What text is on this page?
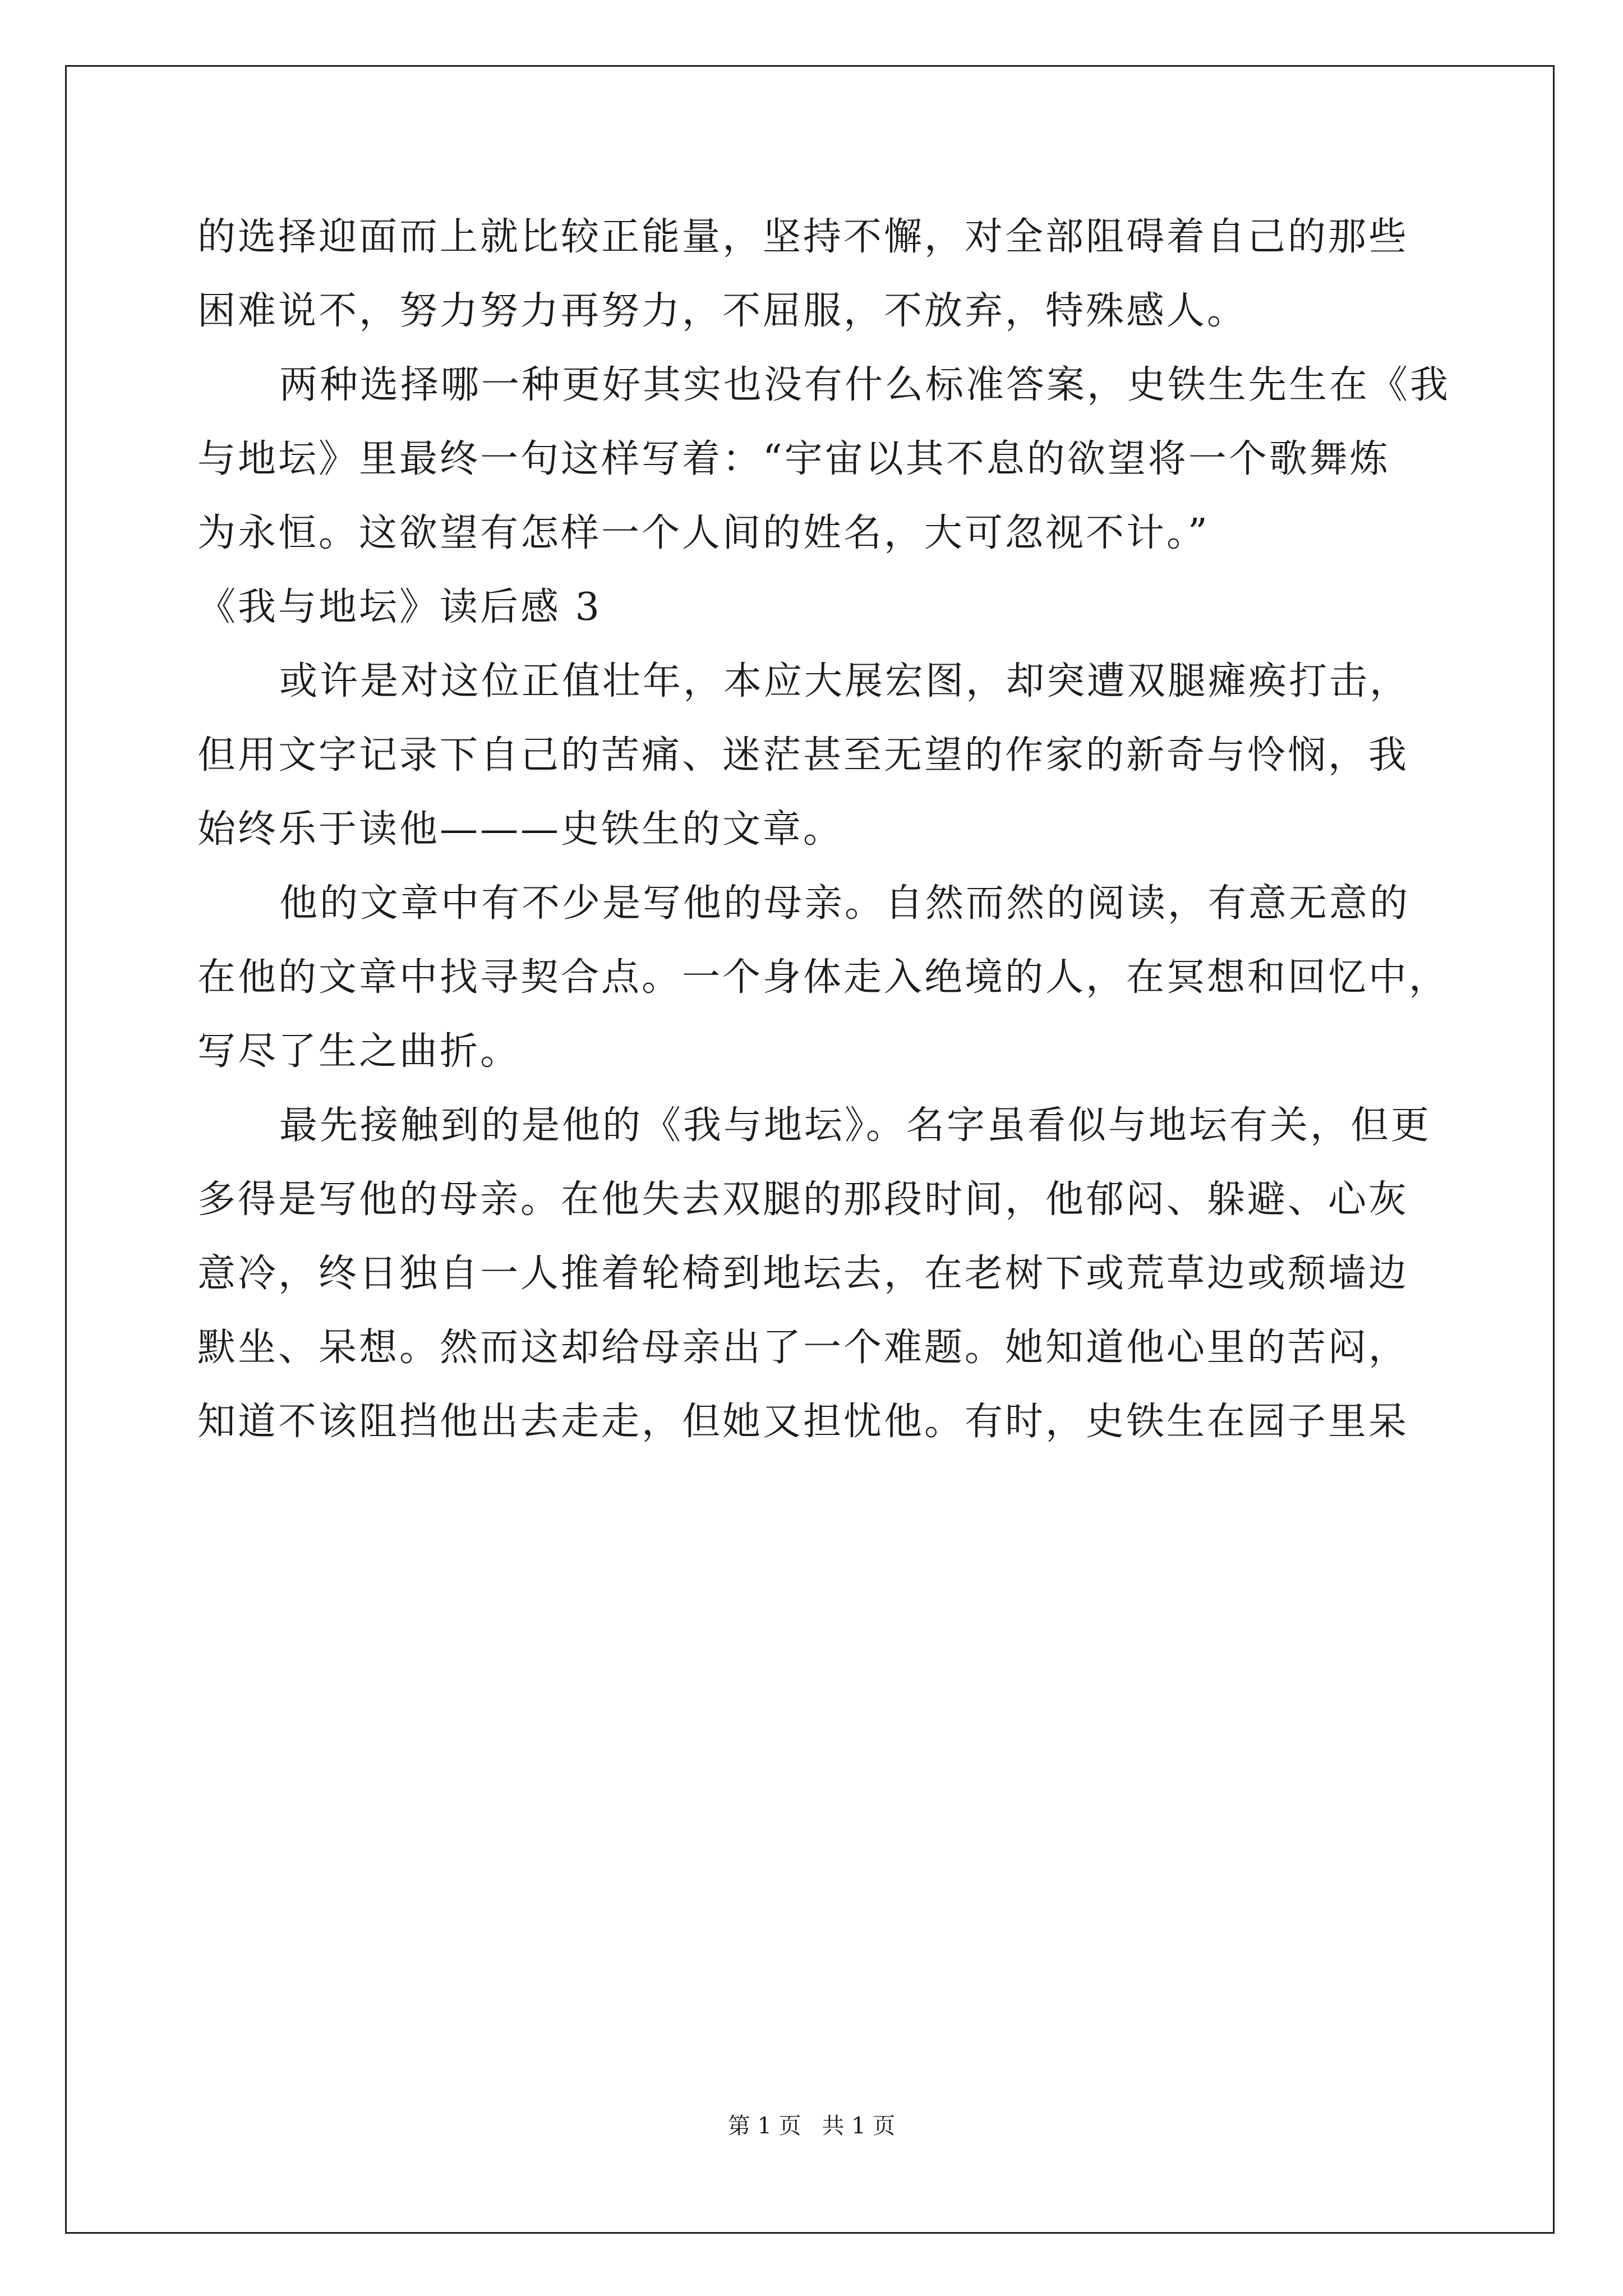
的选择迎面而上就比较正能量，坚持不懈，对全部阻碍着自己的那些
困难说不，努力努力再努力，不屈服，不放弃，特殊感人。
两种选择哪一种更好其实也没有什么标准答案，史铁生先生在《我
与地坛》里最终一句这样写着：“宇宙以其不息的欲望将一个歌舞炼
为永恒。这欲望有怎样一个人间的姓名，大可忽视不计。”
《我与地坛》读后感 3
或许是对这位正值壮年，本应大展宏图，却突遭双腿瘫痪打击，
但用文字记录下自己的苦痛、迷茫甚至无望的作家的新奇与怜悯，我
始终乐于读他———史铁生的文章。
他的文章中有不少是写他的母亲。自然而然的阅读，有意无意的
在他的文章中找寻契合点。一个身体走入绝境的人，在冥想和回忆中，
写尽了生之曲折。
最先接触到的是他的《我与地坛》。名字虽看似与地坛有关，但更
多得是写他的母亲。在他失去双腿的那段时间，他郁闷、躲避、心灰
意冷，终日独自一人推着轮椅到地坛去，在老树下或荒草边或颓墙边
默坐、呆想。然而这却给母亲出了一个难题。她知道他心里的苦闷，
知道不该阻挡他出去走走，但她又担忧他。有时，史铁生在园子里呆
第 1 页 共 1 页
